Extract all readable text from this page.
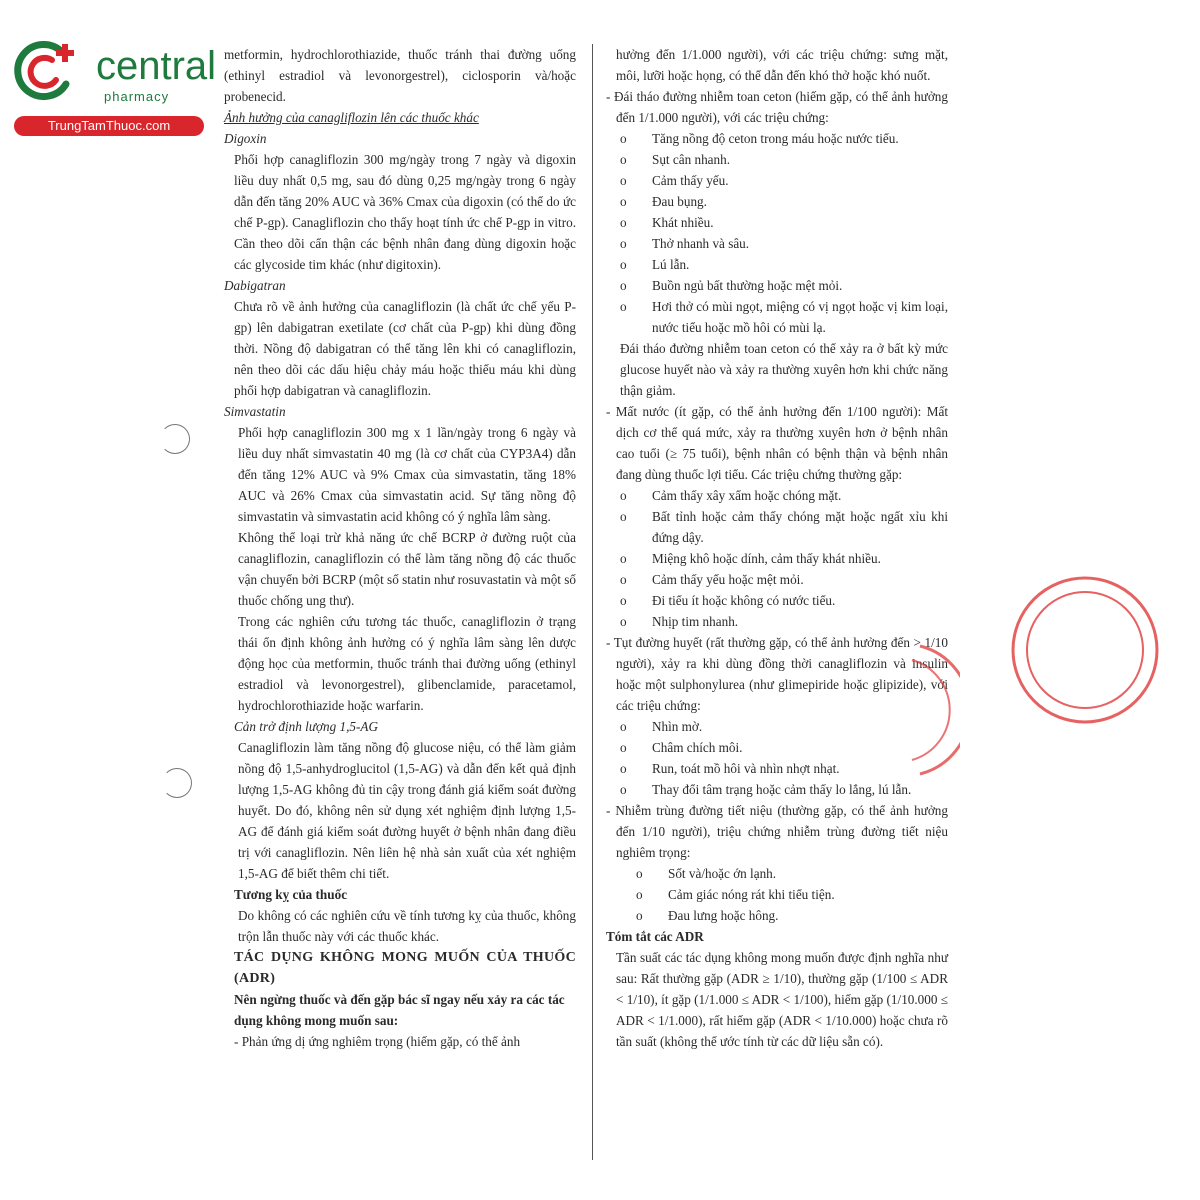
central
pharmacy
TrungTamThuoc.com

metformin, hydrochlorothiazide, thuốc tránh thai đường uống (ethinyl estradiol và levonorgestrel), ciclosporin và/hoặc probenecid.

Ảnh hưởng của canagliflozin lên các thuốc khác

Digoxin

Phối hợp canagliflozin 300 mg/ngày trong 7 ngày và digoxin liều duy nhất 0,5 mg, sau đó dùng 0,25 mg/ngày trong 6 ngày dẫn đến tăng 20% AUC và 36% Cmax của digoxin (có thể do ức chế P-gp). Canagliflozin cho thấy hoạt tính ức chế P-gp in vitro. Cần theo dõi cẩn thận các bệnh nhân đang dùng digoxin hoặc các glycoside tim khác (như digitoxin).

Dabigatran

Chưa rõ về ảnh hưởng của canagliflozin (là chất ức chế yếu P-gp) lên dabigatran exetilate (cơ chất của P-gp) khi dùng đồng thời. Nồng độ dabigatran có thể tăng lên khi có canagliflozin, nên theo dõi các dấu hiệu chảy máu hoặc thiếu máu khi dùng phối hợp dabigatran và canagliflozin.

Simvastatin

Phối hợp canagliflozin 300 mg x 1 lần/ngày trong 6 ngày và liều duy nhất simvastatin 40 mg (là cơ chất của CYP3A4) dẫn đến tăng 12% AUC và 9% Cmax của simvastatin, tăng 18% AUC và 26% Cmax của simvastatin acid. Sự tăng nồng độ simvastatin và simvastatin acid không có ý nghĩa lâm sàng.

Không thể loại trừ khả năng ức chế BCRP ở đường ruột của canagliflozin, canagliflozin có thể làm tăng nồng độ các thuốc vận chuyển bởi BCRP (một số statin như rosuvastatin và một số thuốc chống ung thư).

Trong các nghiên cứu tương tác thuốc, canagliflozin ở trạng thái ổn định không ảnh hưởng có ý nghĩa lâm sàng lên dược động học của metformin, thuốc tránh thai đường uống (ethinyl estradiol và levonorgestrel), glibenclamide, paracetamol, hydrochlorothiazide hoặc warfarin.

Cản trở định lượng 1,5-AG

Canagliflozin làm tăng nồng độ glucose niệu, có thể làm giảm nồng độ 1,5-anhydroglucitol (1,5-AG) và dẫn đến kết quả định lượng 1,5-AG không đủ tin cậy trong đánh giá kiểm soát đường huyết. Do đó, không nên sử dụng xét nghiệm định lượng 1,5-AG để đánh giá kiểm soát đường huyết ở bệnh nhân đang điều trị với canagliflozin. Nên liên hệ nhà sản xuất của xét nghiệm 1,5-AG để biết thêm chi tiết.

Tương kỵ của thuốc

Do không có các nghiên cứu về tính tương kỵ của thuốc, không trộn lẫn thuốc này với các thuốc khác.

TÁC DỤNG KHÔNG MONG MUỐN CỦA THUỐC (ADR)

Nên ngừng thuốc và đến gặp bác sĩ ngay nếu xảy ra các tác dụng không mong muốn sau:

- Phản ứng dị ứng nghiêm trọng (hiếm gặp, có thể ảnh

hưởng đến 1/1.000 người), với các triệu chứng: sưng mặt, môi, lưỡi hoặc họng, có thể dẫn đến khó thở hoặc khó nuốt.

- Đái tháo đường nhiễm toan ceton (hiếm gặp, có thể ảnh hưởng đến 1/1.000 người), với các triệu chứng:

o Tăng nồng độ ceton trong máu hoặc nước tiểu.
o Sụt cân nhanh.
o Cảm thấy yếu.
o Đau bụng.
o Khát nhiều.
o Thở nhanh và sâu.
o Lú lẫn.
o Buồn ngủ bất thường hoặc mệt mỏi.
o Hơi thở có mùi ngọt, miệng có vị ngọt hoặc vị kim loại, nước tiểu hoặc mồ hôi có mùi lạ.

Đái tháo đường nhiễm toan ceton có thể xảy ra ở bất kỳ mức glucose huyết nào và xảy ra thường xuyên hơn khi chức năng thận giảm.

- Mất nước (ít gặp, có thể ảnh hưởng đến 1/100 người): Mất dịch cơ thể quá mức, xảy ra thường xuyên hơn ở bệnh nhân cao tuổi (≥ 75 tuổi), bệnh nhân có bệnh thận và bệnh nhân đang dùng thuốc lợi tiểu. Các triệu chứng thường gặp:

o Cảm thấy xây xẩm hoặc chóng mặt.
o Bất tỉnh hoặc cảm thấy chóng mặt hoặc ngất xỉu khi đứng dậy.
o Miệng khô hoặc dính, cảm thấy khát nhiều.
o Cảm thấy yếu hoặc mệt mỏi.
o Đi tiểu ít hoặc không có nước tiểu.
o Nhịp tim nhanh.

- Tụt đường huyết (rất thường gặp, có thể ảnh hưởng đến > 1/10 người), xảy ra khi dùng đồng thời canagliflozin và insulin hoặc một sulphonylurea (như glimepiride hoặc glipizide), với các triệu chứng:

o Nhìn mờ.
o Châm chích môi.
o Run, toát mồ hôi và nhìn nhợt nhạt.
o Thay đổi tâm trạng hoặc cảm thấy lo lắng, lú lẫn.

- Nhiễm trùng đường tiết niệu (thường gặp, có thể ảnh hưởng đến 1/10 người), triệu chứng nhiễm trùng đường tiết niệu nghiêm trọng:

o Sốt và/hoặc ớn lạnh.
o Cảm giác nóng rát khi tiểu tiện.
o Đau lưng hoặc hông.

Tóm tắt các ADR

Tần suất các tác dụng không mong muốn được định nghĩa như sau: Rất thường gặp (ADR ≥ 1/10), thường gặp (1/100 ≤ ADR < 1/10), ít gặp (1/1.000 ≤ ADR < 1/100), hiếm gặp (1/10.000 ≤ ADR < 1/1.000), rất hiếm gặp (ADR < 1/10.000) hoặc chưa rõ tần suất (không thể ước tính từ các dữ liệu sẵn có).
